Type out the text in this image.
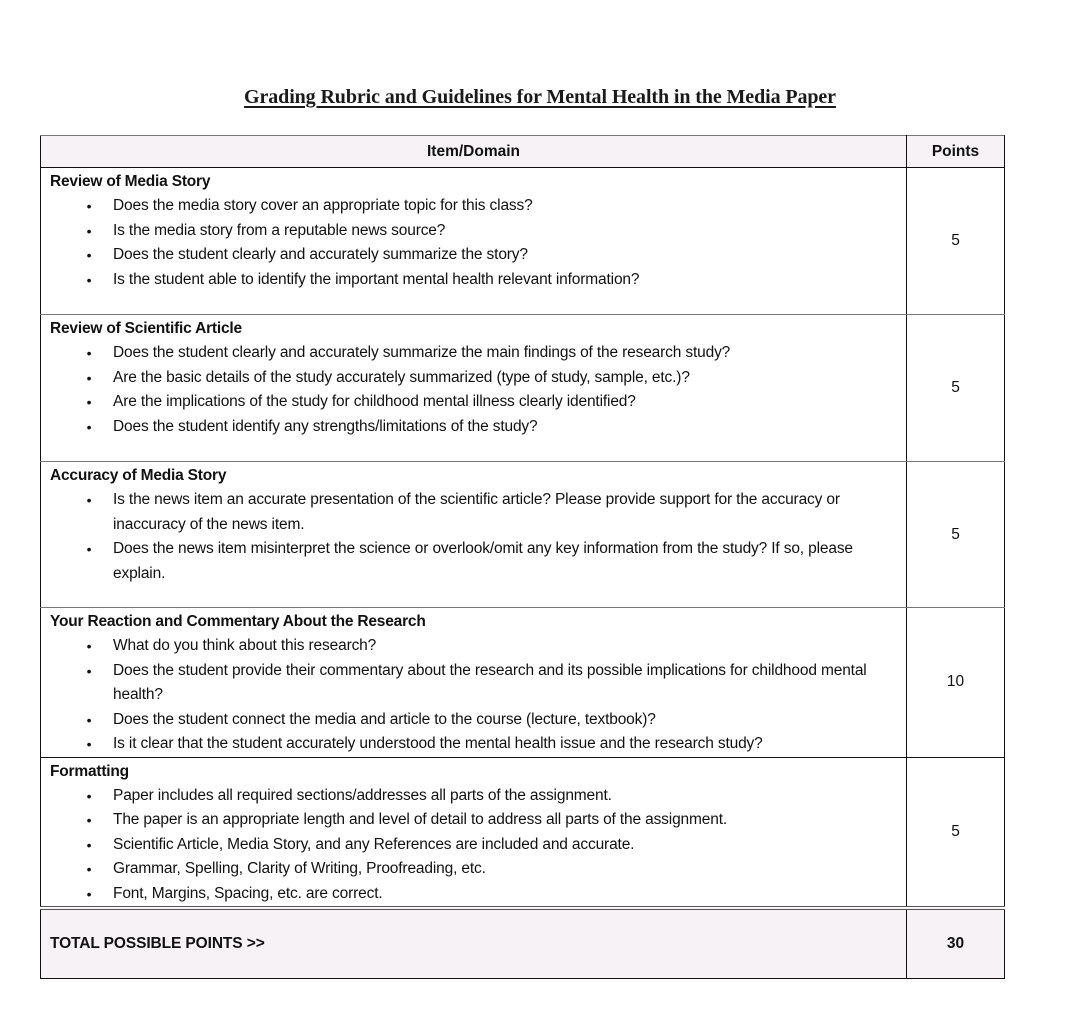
Grading Rubric and Guidelines for Mental Health in the Media Paper
Item/Domain	Points

Review of Media Story
• Does the media story cover an appropriate topic for this class?
• Is the media story from a reputable news source?
• Does the student clearly and accurately summarize the story?
• Is the student able to identify the important mental health relevant information?
	5

Review of Scientific Article
• Does the student clearly and accurately summarize the main findings of the research study?
• Are the basic details of the study accurately summarized (type of study, sample, etc.)?
• Are the implications of the study for childhood mental illness clearly identified?
• Does the student identify any strengths/limitations of the study?
	5

Accuracy of Media Story
• Is the news item an accurate presentation of the scientific article? Please provide support for the accuracy or inaccuracy of the news item.
• Does the news item misinterpret the science or overlook/omit any key information from the study? If so, please explain.
	5

Your Reaction and Commentary About the Research
• What do you think about this research?
• Does the student provide their commentary about the research and its possible implications for childhood mental health?
• Does the student connect the media and article to the course (lecture, textbook)?
• Is it clear that the student accurately understood the mental health issue and the research study?
	10

Formatting
• Paper includes all required sections/addresses all parts of the assignment.
• The paper is an appropriate length and level of detail to address all parts of the assignment.
• Scientific Article, Media Story, and any References are included and accurate.
• Grammar, Spelling, Clarity of Writing, Proofreading, etc.
• Font, Margins, Spacing, etc. are correct.
	5
TOTAL POSSIBLE POINTS >>	30
